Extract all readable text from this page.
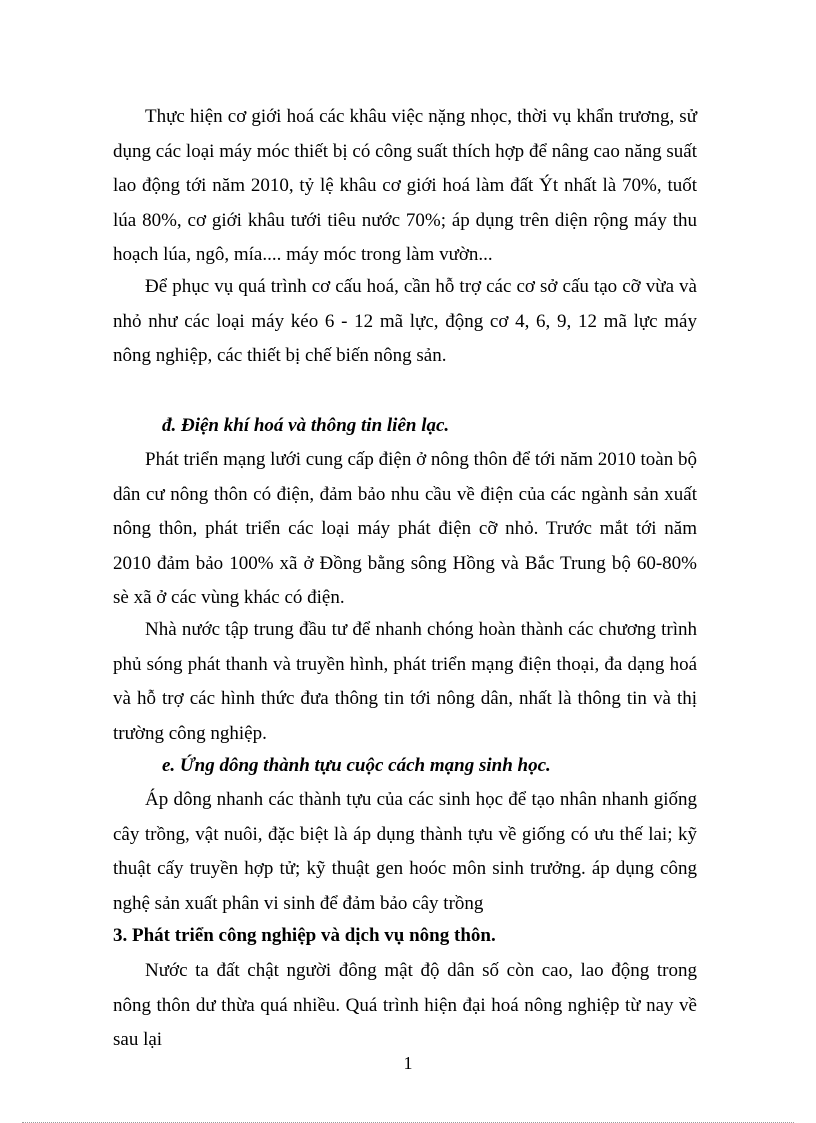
Thực hiện cơ giới hoá các khâu việc nặng nhọc, thời vụ khẩn trương, sử dụng các loại máy móc thiết bị có công suất thích hợp để nâng cao năng suất lao động tới năm 2010, tỷ lệ khâu cơ giới hoá làm đất Ýt nhất là 70%, tuốt lúa 80%, cơ giới khâu tưới tiêu nước 70%; áp dụng trên diện rộng máy thu hoạch lúa, ngô, mía.... máy móc trong làm vườn...

Để phục vụ quá trình cơ cấu hoá, cần hỗ trợ các cơ sở cấu tạo cỡ vừa và nhỏ như các loại máy kéo 6 - 12 mã lực, động cơ 4, 6, 9, 12 mã lực máy nông nghiệp, các thiết bị chế biến nông sản.

đ. Điện khí hoá và thông tin liên lạc.

Phát triển mạng lưới cung cấp điện ở nông thôn để tới năm 2010 toàn bộ dân cư nông thôn có điện, đảm bảo nhu cầu về điện của các ngành sản xuất nông thôn, phát triển các loại máy phát điện cỡ nhỏ. Trước mắt tới năm 2010 đảm bảo 100% xã ở Đồng bằng sông Hồng và Bắc Trung bộ 60-80% sè xã ở các vùng khác có điện.

Nhà nước tập trung đầu tư để nhanh chóng hoàn thành các chương trình phủ sóng phát thanh và truyền hình, phát triển mạng điện thoại, đa dạng hoá và hỗ trợ các hình thức đưa thông tin tới nông dân, nhất là thông tin và thị trường công nghiệp.

e. Ứng dông thành tựu cuộc cách mạng sinh học.

Áp dông nhanh các thành tựu của các sinh học để tạo nhân nhanh giống cây trồng, vật nuôi, đặc biệt là áp dụng thành tựu về giống có ưu thế lai; kỹ thuật cấy truyền hợp tử; kỹ thuật gen hoóc môn sinh trưởng. áp dụng công nghệ sản xuất phân vi sinh để đảm bảo cây trồng

3. Phát triển công nghiệp và dịch vụ nông thôn.

Nước ta đất chật người đông mật độ dân số còn cao, lao động trong nông thôn dư thừa quá nhiều. Quá trình hiện đại hoá nông nghiệp từ nay về sau lại

1
